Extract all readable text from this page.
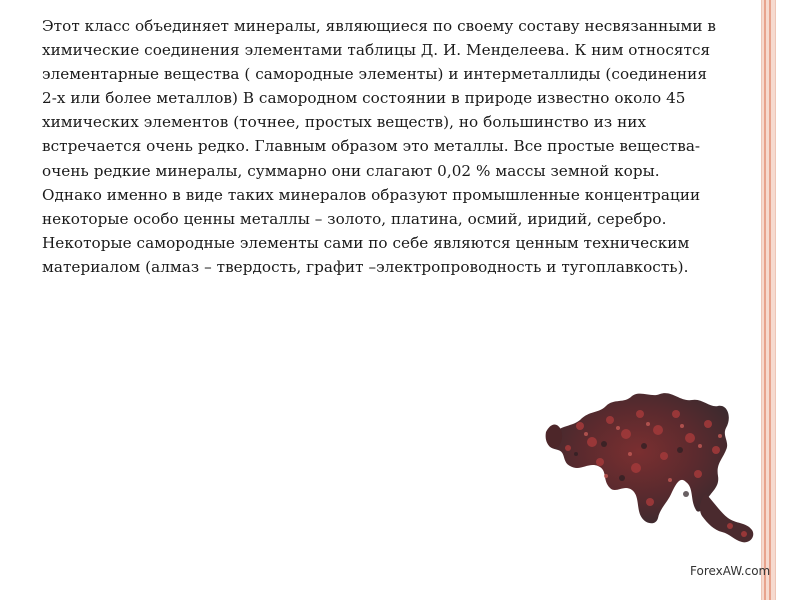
Этот класс объединяет минералы, являющиеся по своему составу несвязанными в
химические соединения элементами таблицы Д. И. Менделеева. К ним относятся
элементарные вещества ( самородные элементы) и интерметаллиды (соединения
2-х или более металлов) В самородном состоянии в природе известно около 45
химических элементов (точнее, простых веществ), но большинство из них
встречается очень редко. Главным образом это металлы. Все простые вещества-
очень редкие минералы, суммарно они слагают 0,02 % массы земной коры.
Однако именно в виде таких минералов образуют промышленные концентрации
некоторые особо ценны металлы – золото, платина, осмий, иридий, серебро.
Некоторые самородные элементы сами по себе являются ценным техническим
материалом (алмаз – твердость, графит –электропроводность и тугоплавкость).

ForexAW.com
